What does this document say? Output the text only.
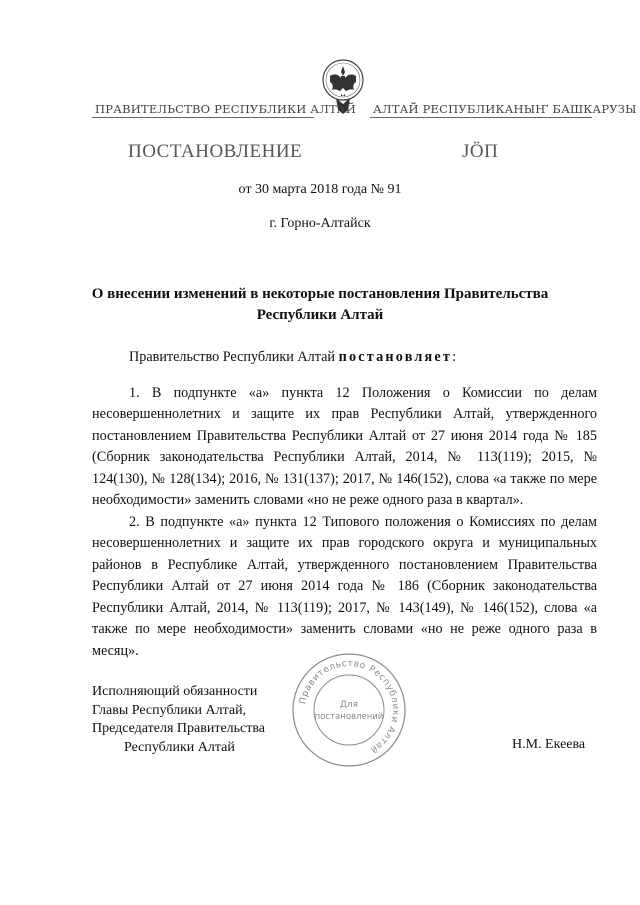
ПРАВИТЕЛЬСТВО РЕСПУБЛИКИ АЛТАЙ АЛТАЙ РЕСПУБЛИКАНЫҤ БАШКАРУЗЫ
ПОСТАНОВЛЕНИЕ	ЈӦП
от 30 марта 2018 года № 91
г. Горно-Алтайск
О внесении изменений в некоторые постановления Правительства
Республики Алтай

Правительство Республики Алтай постановляет:

1. В подпункте «а» пункта 12 Положения о Комиссии по делам несовершеннолетних и защите их прав Республики Алтай, утвержденного постановлением Правительства Республики Алтай от 27 июня 2014 года № 185 (Сборник законодательства Республики Алтай, 2014, № 113(119); 2015, № 124(130), № 128(134); 2016, № 131(137); 2017, № 146(152), слова «а также по мере необходимости» заменить словами «но не реже одного раза в квартал».

2. В подпункте «а» пункта 12 Типового положения о Комиссиях по делам несовершеннолетних и защите их прав городского округа и муниципальных районов в Республике Алтай, утвержденного постановлением Правительства Республики Алтай от 27 июня 2014 года № 186 (Сборник законодательства Республики Алтай, 2014, № 113(119); 2017, № 143(149), № 146(152), слова «а также по мере необходимости» заменить словами «но не реже одного раза в месяц».

Правительство Республики Алтай
Для
постановлений
Исполняющий обязанности
Главы Республики Алтай,
Председателя Правительства
Республики Алтай	Н.М. Екеева
